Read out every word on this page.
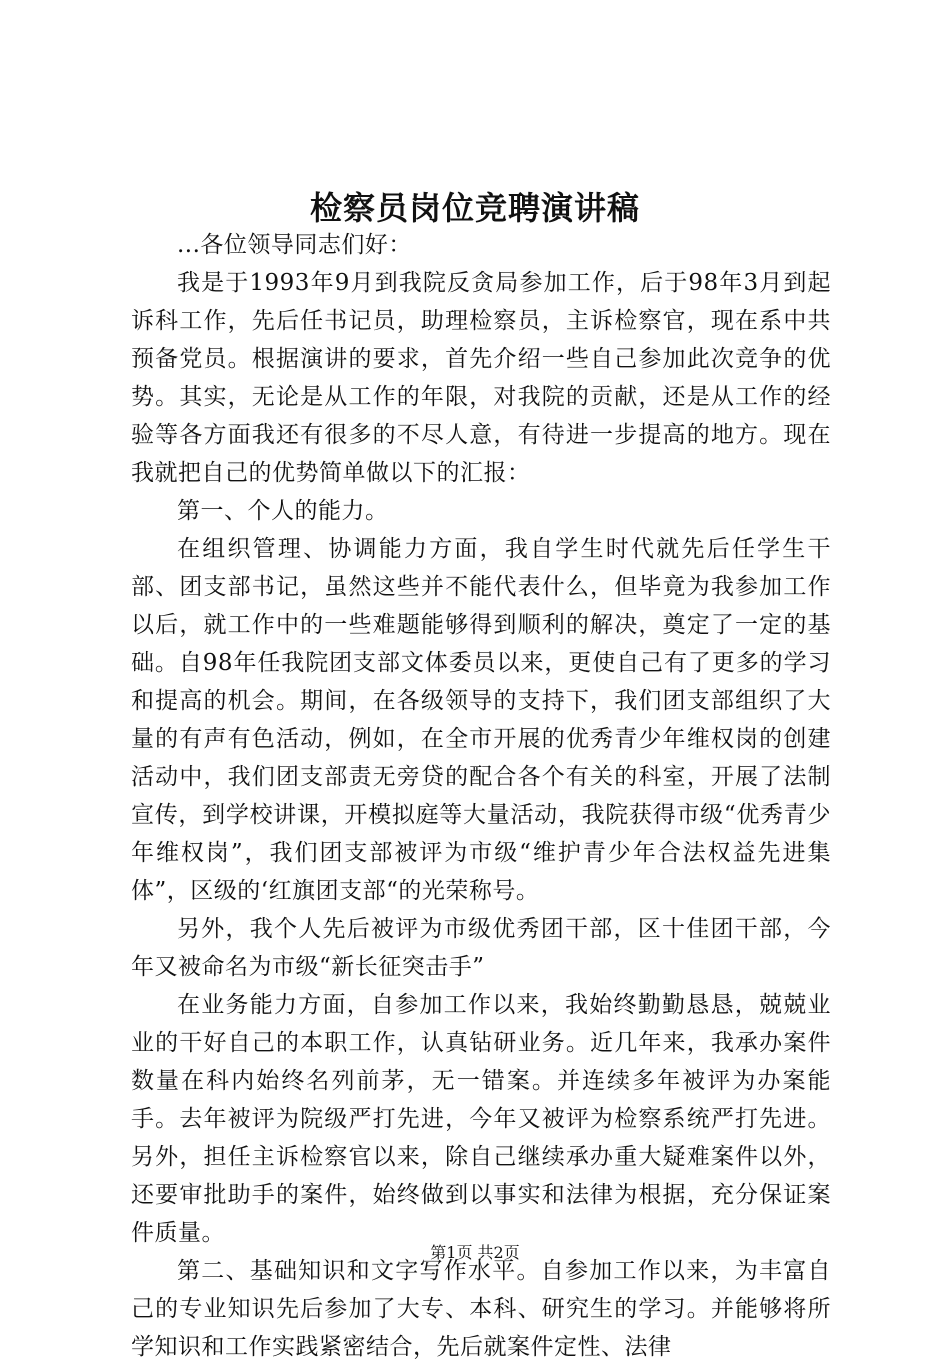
检察员岗位竞聘演讲稿

...各位领导同志们好：

我是于1993年9月到我院反贪局参加工作，后于98年3月到起诉科工作，先后任书记员，助理检察员，主诉检察官，现在系中共预备党员。根据演讲的要求，首先介绍一些自己参加此次竞争的优势。其实，无论是从工作的年限，对我院的贡献，还是从工作的经验等各方面我还有很多的不尽人意，有待进一步提高的地方。现在我就把自己的优势简单做以下的汇报：

第一、个人的能力。

在组织管理、协调能力方面，我自学生时代就先后任学生干部、团支部书记，虽然这些并不能代表什么，但毕竟为我参加工作以后，就工作中的一些难题能够得到顺利的解决，奠定了一定的基础。自98年任我院团支部文体委员以来，更使自己有了更多的学习和提高的机会。期间，在各级领导的支持下，我们团支部组织了大量的有声有色活动，例如，在全市开展的优秀青少年维权岗的创建活动中，我们团支部责无旁贷的配合各个有关的科室，开展了法制宣传，到学校讲课，开模拟庭等大量活动，我院获得市级“优秀青少年维权岗”，我们团支部被评为市级“维护青少年合法权益先进集体”，区级的‘红旗团支部“的光荣称号。

另外，我个人先后被评为市级优秀团干部，区十佳团干部，今年又被命名为市级“新长征突击手”

在业务能力方面，自参加工作以来，我始终勤勤恳恳，兢兢业业的干好自己的本职工作，认真钻研业务。近几年来，我承办案件数量在科内始终名列前茅，无一错案。并连续多年被评为办案能手。去年被评为院级严打先进，今年又被评为检察系统严打先进。另外，担任主诉检察官以来，除自己继续承办重大疑难案件以外，还要审批助手的案件，始终做到以事实和法律为根据，充分保证案件质量。

第二、基础知识和文字写作水平。自参加工作以来，为丰富自己的专业知识先后参加了大专、本科、研究生的学习。并能够将所学知识和工作实践紧密结合，先后就案件定性、法律

第1页 共2页
